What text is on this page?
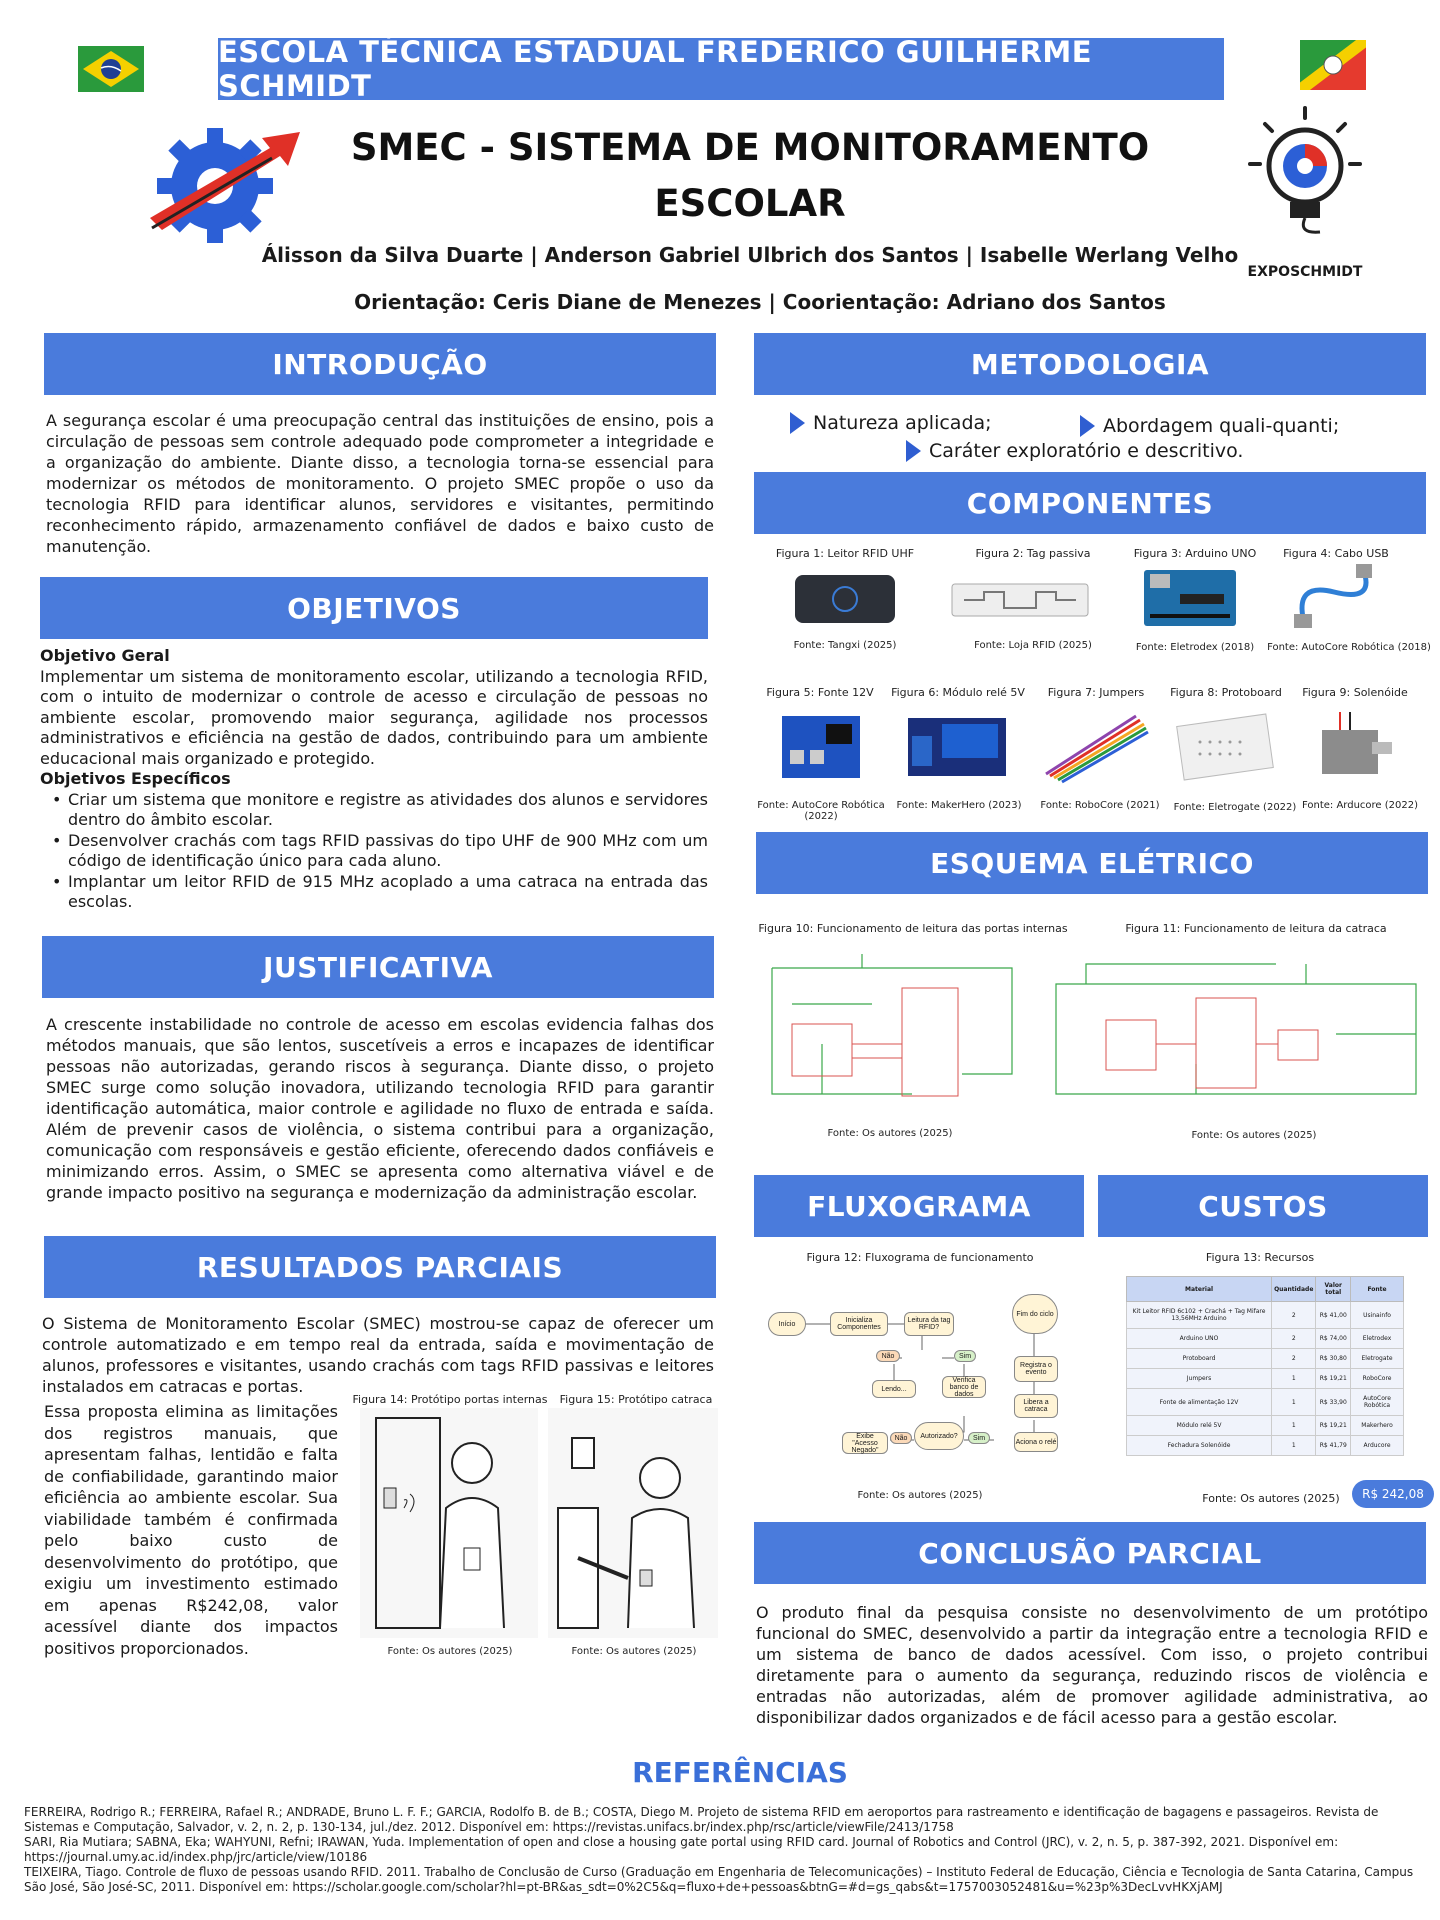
ESCOLA TÉCNICA ESTADUAL FREDERICO GUILHERME SCHMIDT
SMEC - SISTEMA DE MONITORAMENTO
ESCOLAR
EXPOSCHMIDT
Álisson da Silva Duarte | Anderson Gabriel Ulbrich dos Santos | Isabelle Werlang Velho
Orientação: Ceris Diane de Menezes | Coorientação: Adriano dos Santos
INTRODUÇÃO
A segurança escolar é uma preocupação central das instituições de ensino, pois a circulação de pessoas sem controle adequado pode comprometer a integridade e a organização do ambiente. Diante disso, a tecnologia torna-se essencial para modernizar os métodos de monitoramento. O projeto SMEC propõe o uso da tecnologia RFID para identificar alunos, servidores e visitantes, permitindo reconhecimento rápido, armazenamento confiável de dados e baixo custo de manutenção.
OBJETIVOS
Objetivo Geral
Implementar um sistema de monitoramento escolar, utilizando a tecnologia RFID, com o intuito de modernizar o controle de acesso e circulação de pessoas no ambiente escolar, promovendo maior segurança, agilidade nos processos administrativos e eficiência na gestão de dados, contribuindo para um ambiente educacional mais organizado e protegido.
Objetivos Específicos
• Criar um sistema que monitore e registre as atividades dos alunos e servidores dentro do âmbito escolar.
• Desenvolver crachás com tags RFID passivas do tipo UHF de 900 MHz com um código de identificação único para cada aluno.
• Implantar um leitor RFID de 915 MHz acoplado a uma catraca na entrada das escolas.
JUSTIFICATIVA
A crescente instabilidade no controle de acesso em escolas evidencia falhas dos métodos manuais, que são lentos, suscetíveis a erros e incapazes de identificar pessoas não autorizadas, gerando riscos à segurança. Diante disso, o projeto SMEC surge como solução inovadora, utilizando tecnologia RFID para garantir identificação automática, maior controle e agilidade no fluxo de entrada e saída. Além de prevenir casos de violência, o sistema contribui para a organização, comunicação com responsáveis e gestão eficiente, oferecendo dados confiáveis e minimizando erros. Assim, o SMEC se apresenta como alternativa viável e de grande impacto positivo na segurança e modernização da administração escolar.
RESULTADOS PARCIAIS
O Sistema de Monitoramento Escolar (SMEC) mostrou-se capaz de oferecer um controle automatizado e em tempo real da entrada, saída e movimentação de alunos, professores e visitantes, usando crachás com tags RFID passivas e leitores instalados em catracas e portas.
Essa proposta elimina as limitações dos registros manuais, que apresentam falhas, lentidão e falta de confiabilidade, garantindo maior eficiência ao ambiente escolar. Sua viabilidade também é confirmada pelo baixo custo de desenvolvimento do protótipo, que exigiu um investimento estimado em apenas R$242,08, valor acessível diante dos impactos positivos proporcionados.
Figura 14: Protótipo portas internas	Figura 15: Protótipo catraca
Fonte: Os autores (2025)	Fonte: Os autores (2025)
METODOLOGIA
Natureza aplicada;	Abordagem quali-quanti;
Caráter exploratório e descritivo.
COMPONENTES
Figura 1: Leitor RFID UHF	Figura 2: Tag passiva	Figura 3: Arduino UNO	Figura 4: Cabo USB
Fonte: Tangxi (2025)	Fonte: Loja RFID (2025)	Fonte: Eletrodex (2018)	Fonte: AutoCore Robótica (2018)
Figura 5: Fonte 12V	Figura 6: Módulo relé 5V	Figura 7: Jumpers	Figura 8: Protoboard	Figura 9: Solenóide
Fonte: AutoCore Robótica (2022)
Fonte: MakerHero (2023) Fonte: RoboCore (2021)	Fonte: Eletrogate (2022) Fonte: Arducore (2022)
ESQUEMA ELÉTRICO
Figura 10: Funcionamento de leitura das portas internas	Figura 11: Funcionamento de leitura da catraca
Fonte: Os autores (2025)	Fonte: Os autores (2025)
FLUXOGRAMA
Figura 12: Fluxograma de funcionamento
Início	Inicializa Componentes
Leitura da tag RFID?
Não	Sim
Lendo...
Verifica banco de dados
Autorizado?
Não	Sim
Exibe "Acesso Negado"
Aciona o relé
Libera a catraca
Registra o evento
Fim do ciclo
Fonte: Os autores (2025)
CUSTOS
Figura 13: Recursos
Material	Quantidade	Valor total	Fonte
Kit Leitor RFID 6c102 + Crachá + Tag Mifare 13,56MHz Arduino	2	R$ 41,00	Usinainfo
Arduino UNO	2	R$ 74,00	Eletrodex
Protoboard	2	R$ 30,80	Eletrogate
Jumpers	1	R$ 19,21	RoboCore
Fonte de alimentação 12V	1	R$ 33,90	AutoCore Robótica
Módulo relé 5V	1	R$ 19,21	Makerhero
Fechadura Solenóide	1	R$ 41,79	Arducore
Fonte: Os autores (2025)	R$ 242,08
CONCLUSÃO PARCIAL
O produto final da pesquisa consiste no desenvolvimento de um protótipo funcional do SMEC, desenvolvido a partir da integração entre a tecnologia RFID e um sistema de banco de dados acessível. Com isso, o projeto contribui diretamente para o aumento da segurança, reduzindo riscos de violência e entradas não autorizadas, além de promover agilidade administrativa, ao disponibilizar dados organizados e de fácil acesso para a gestão escolar.
REFERÊNCIAS
FERREIRA, Rodrigo R.; FERREIRA, Rafael R.; ANDRADE, Bruno L. F. F.; GARCIA, Rodolfo B. de B.; COSTA, Diego M. Projeto de sistema RFID em aeroportos para rastreamento e identificação de bagagens e passageiros. Revista de Sistemas e Computação, Salvador, v. 2, n. 2, p. 130-134, jul./dez. 2012. Disponível em: https://revistas.unifacs.br/index.php/rsc/article/viewFile/2413/1758
SARI, Ria Mutiara; SABNA, Eka; WAHYUNI, Refni; IRAWAN, Yuda. Implementation of open and close a housing gate portal using RFID card. Journal of Robotics and Control (JRC), v. 2, n. 5, p. 387-392, 2021. Disponível em: https://journal.umy.ac.id/index.php/jrc/article/view/10186
TEIXEIRA, Tiago. Controle de fluxo de pessoas usando RFID. 2011. Trabalho de Conclusão de Curso (Graduação em Engenharia de Telecomunicações) – Instituto Federal de Educação, Ciência e Tecnologia de Santa Catarina, Campus São José, São José-SC, 2011. Disponível em: https://scholar.google.com/scholar?hl=pt-BR&as_sdt=0%2C5&q=fluxo+de+pessoas&btnG=#d=gs_qabs&t=1757003052481&u=%23p%3DecLvvHKXjAMJ
